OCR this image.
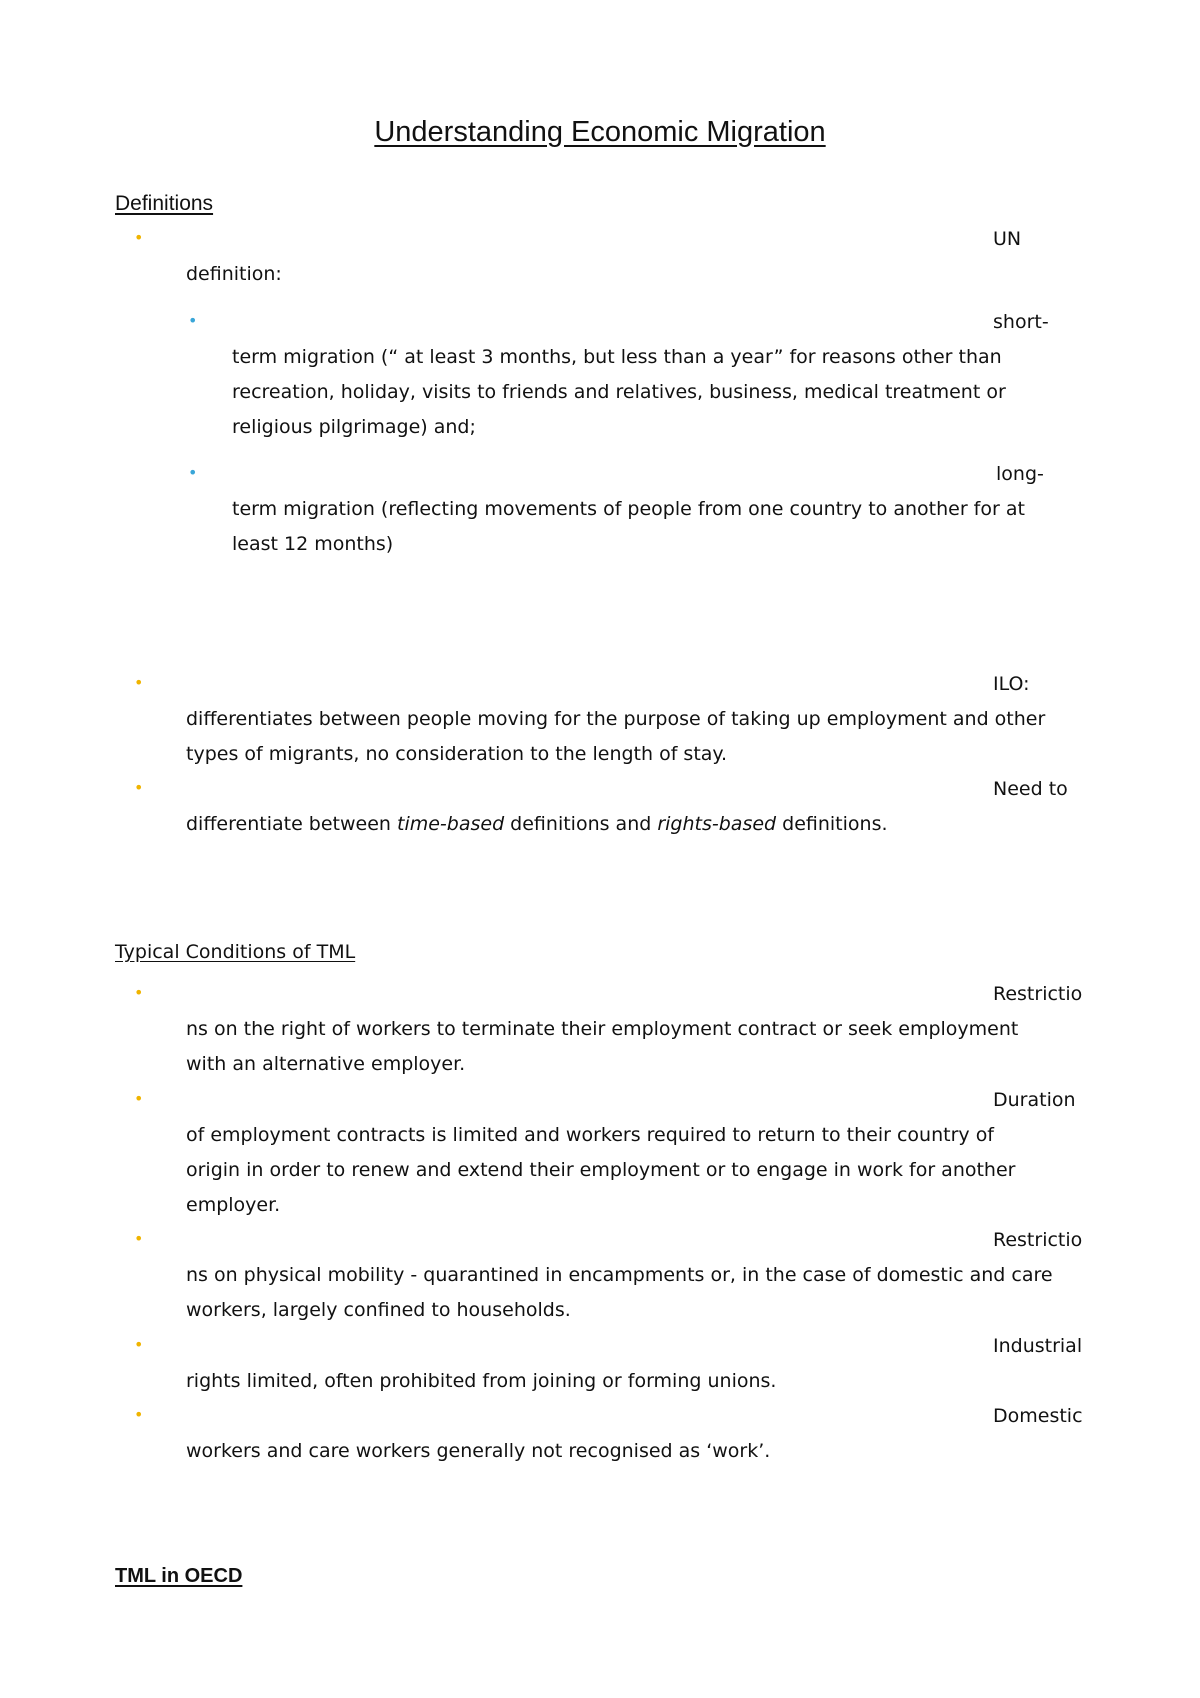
Understanding Economic Migration
Definitions
•	UN
definition:
•	short-
term migration (“ at least 3 months, but less than a year” for reasons other than
recreation, holiday, visits to friends and relatives, business, medical treatment or
religious pilgrimage) and;
•	long-
term migration (reflecting movements of people from one country to another for at
least 12 months)
•	ILO:
differentiates between people moving for the purpose of taking up employment and other
types of migrants, no consideration to the length of stay.
•	Need to
differentiate between time-based definitions and rights-based definitions.
Typical Conditions of TML
•	Restrictio
ns on the right of workers to terminate their employment contract or seek employment
with an alternative employer.
•	Duration
of employment contracts is limited and workers required to return to their country of
origin in order to renew and extend their employment or to engage in work for another
employer.
•	Restrictio
ns on physical mobility - quarantined in encampments or, in the case of domestic and care
workers, largely confined to households.
•	Industrial
rights limited, often prohibited from joining or forming unions.
•	Domestic
workers and care workers generally not recognised as ‘work’.
TML in OECD
